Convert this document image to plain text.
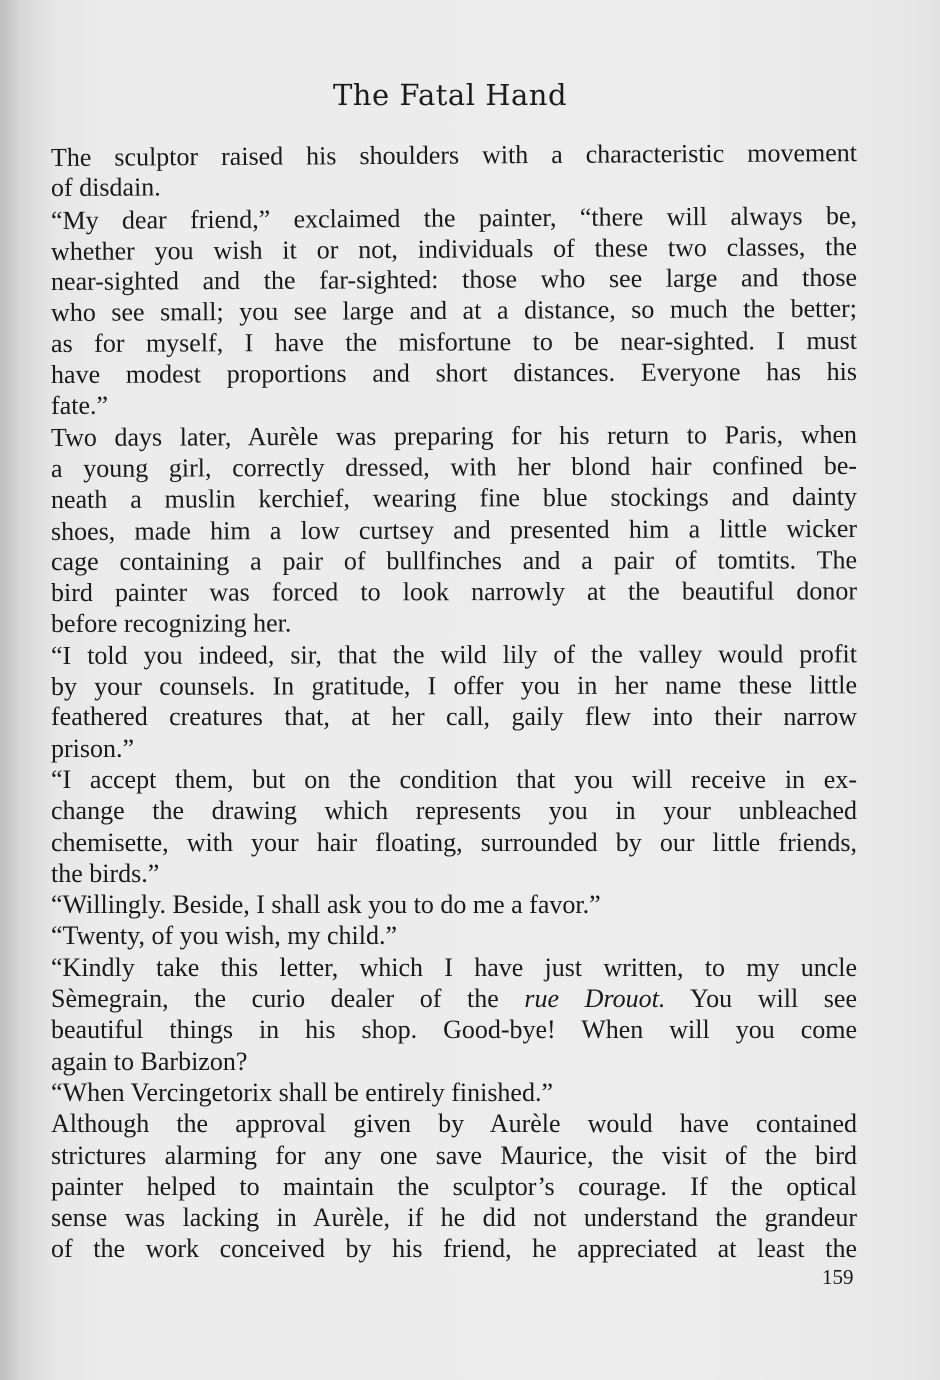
The Fatal Hand
The sculptor raised his shoulders with a characteristic movement
of disdain.
“My dear friend,” exclaimed the painter, “there will always be,
whether you wish it or not, individuals of these two classes, the
near-sighted and the far-sighted: those who see large and those
who see small; you see large and at a distance, so much the better;
as for myself, I have the misfortune to be near-sighted. I must
have modest proportions and short distances. Everyone has his
fate.”
Two days later, Aurèle was preparing for his return to Paris, when
a young girl, correctly dressed, with her blond hair confined be-
neath a muslin kerchief, wearing fine blue stockings and dainty
shoes, made him a low curtsey and presented him a little wicker
cage containing a pair of bullfinches and a pair of tomtits. The
bird painter was forced to look narrowly at the beautiful donor
before recognizing her.
“I told you indeed, sir, that the wild lily of the valley would profit
by your counsels. In gratitude, I offer you in her name these little
feathered creatures that, at her call, gaily flew into their narrow
prison.”
“I accept them, but on the condition that you will receive in ex-
change the drawing which represents you in your unbleached
chemisette, with your hair floating, surrounded by our little friends,
the birds.”
“Willingly. Beside, I shall ask you to do me a favor.”
“Twenty, of you wish, my child.”
“Kindly take this letter, which I have just written, to my uncle
Sèmegrain, the curio dealer of the rue Drouot. You will see
beautiful things in his shop. Good-bye! When will you come
again to Barbizon?
“When Vercingetorix shall be entirely finished.”
Although the approval given by Aurèle would have contained
strictures alarming for any one save Maurice, the visit of the bird
painter helped to maintain the sculptor’s courage. If the optical
sense was lacking in Aurèle, if he did not understand the grandeur
of the work conceived by his friend, he appreciated at least the
159
